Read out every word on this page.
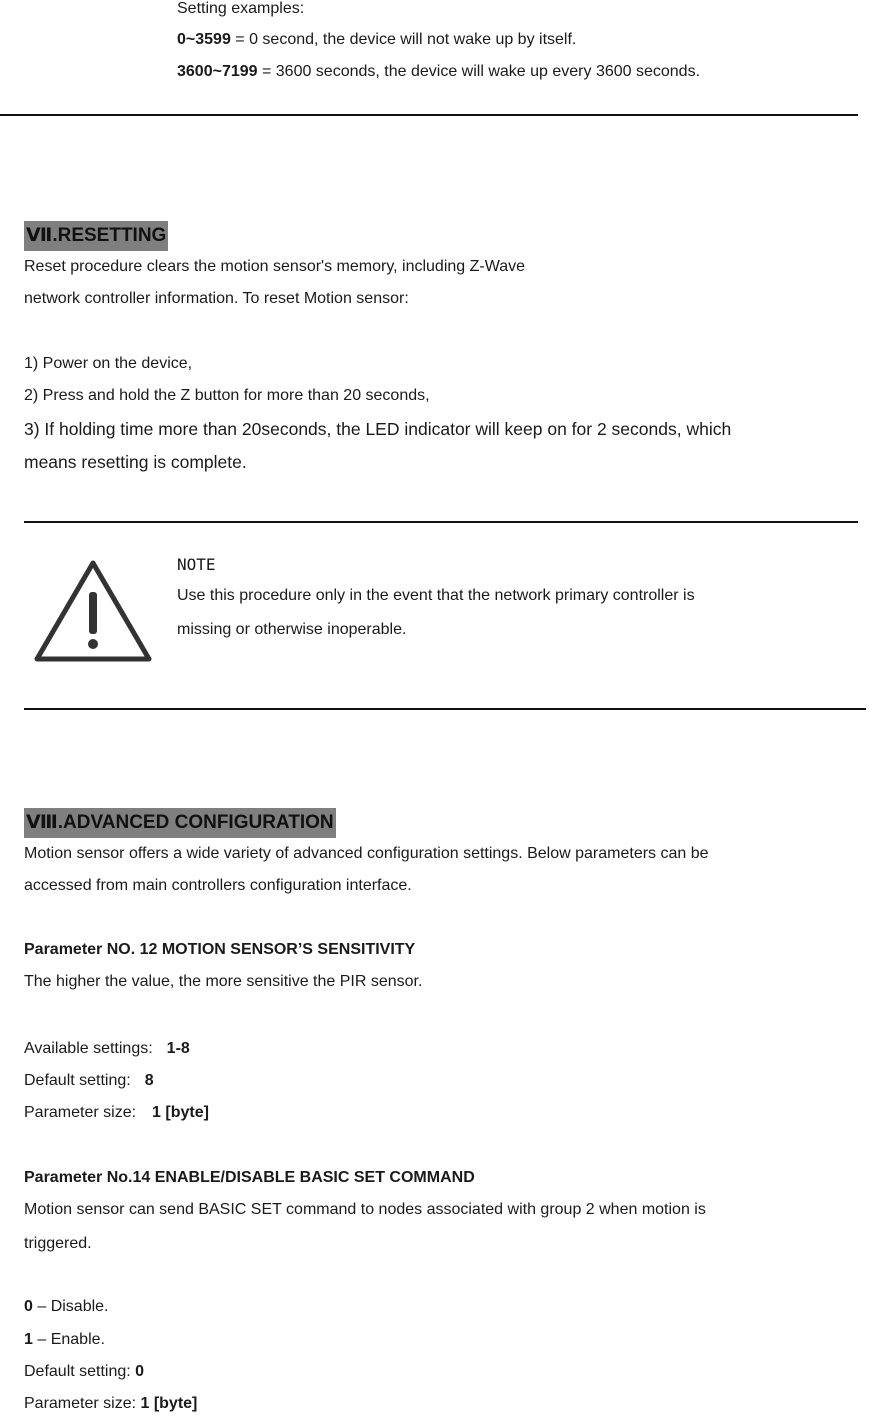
Setting examples:
0~3599 = 0 second, the device will not wake up by itself.
3600~7199 = 3600 seconds, the device will wake up every 3600 seconds.
Ⅶ.RESETTING
Reset procedure clears the motion sensor's memory, including Z-Wave
network controller information. To reset Motion sensor:
1) Power on the device,
2) Press and hold the Z button for more than 20 seconds,
3) If holding time more than 20seconds, the LED indicator will keep on for 2 seconds, which
means resetting is complete.
NOTE
Use this procedure only in the event that the network primary controller is
missing or otherwise inoperable.
Ⅷ.ADVANCED CONFIGURATION
Motion sensor offers a wide variety of advanced configuration settings. Below parameters can be
accessed from main controllers configuration interface.
Parameter NO. 12 MOTION SENSOR’S SENSITIVITY
The higher the value, the more sensitive the PIR sensor.
Available settings: 1-8
Default setting: 8
Parameter size: 1 [byte]
Parameter No.14 ENABLE/DISABLE BASIC SET COMMAND
Motion sensor can send BASIC SET command to nodes associated with group 2 when motion is
triggered.
0 – Disable.
1 – Enable.
Default setting: 0
Parameter size: 1 [byte]
